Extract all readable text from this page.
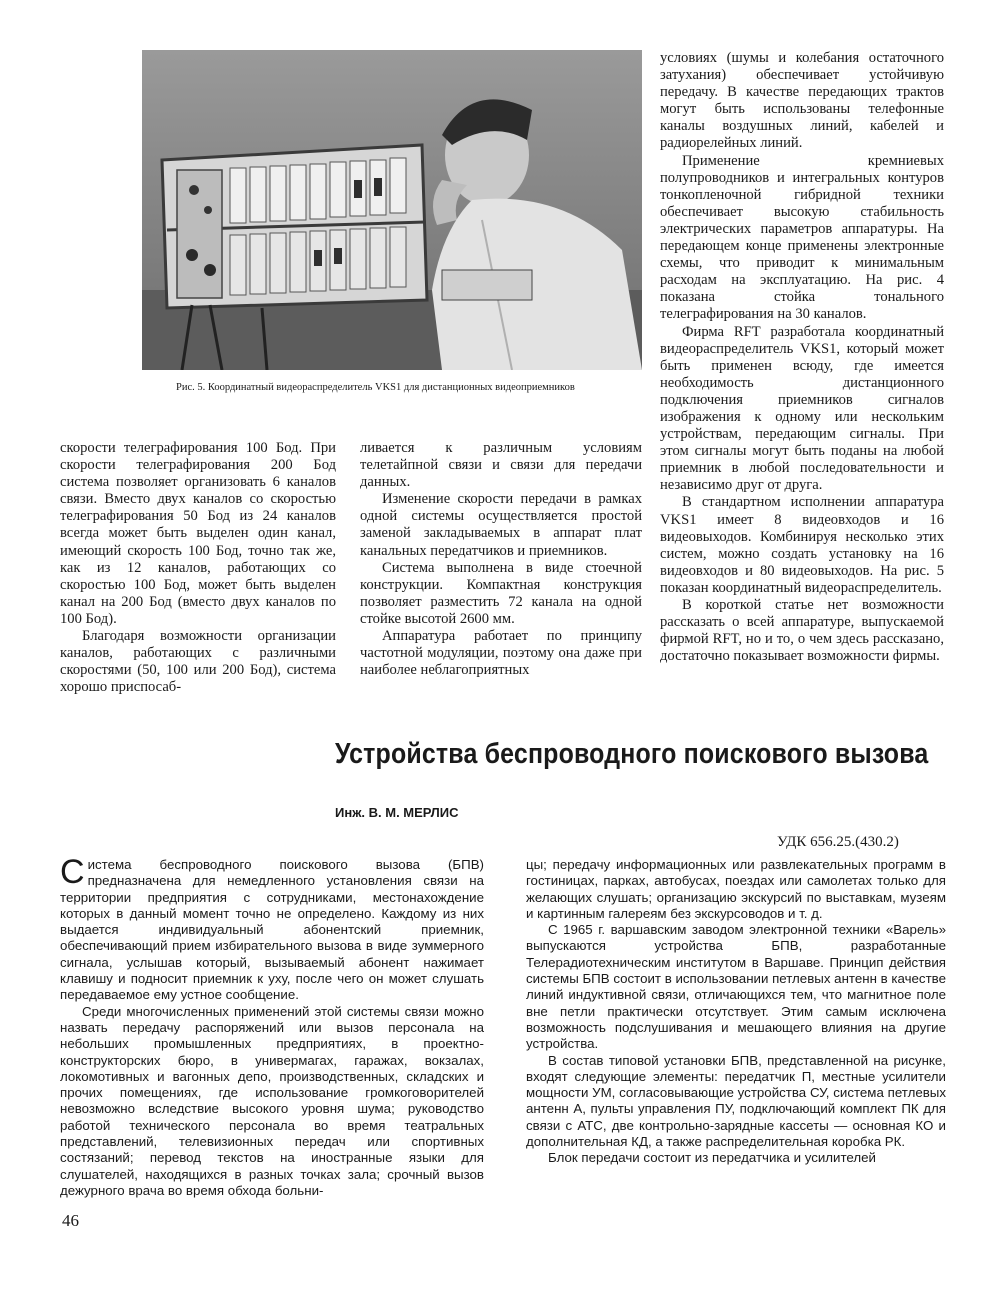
Рис. 5. Координатный видеораспределитель VKS1 для дистанционных видеоприемников

условиях (шумы и колебания остаточного затухания) обеспечивает устойчивую передачу. В качестве передающих трактов могут быть использованы телефонные каналы воздушных линий, кабелей и радиорелейных линий.

Применение кремниевых полупроводников и интегральных контуров тонкопленочной гибридной техники обеспечивает высокую стабильность электрических параметров аппаратуры. На передающем конце применены электронные схемы, что приводит к минимальным расходам на эксплуатацию. На рис. 4 показана стойка тонального телеграфирования на 30 каналов.

Фирма RFT разработала координатный видеораспределитель VKS1, который может быть применен всюду, где имеется необходимость дистанционного подключения приемников сигналов изображения к одному или нескольким устройствам, передающим сигналы. При этом сигналы могут быть поданы на любой приемник в любой последовательности и независимо друг от друга.

В стандартном исполнении аппаратура VKS1 имеет 8 видеовходов и 16 видеовыходов. Комбинируя несколько этих систем, можно создать установку на 16 видеовходов и 80 видеовыходов. На рис. 5 показан координатный видеораспределитель.

В короткой статье нет возможности рассказать о всей аппаратуре, выпускаемой фирмой RFT, но и то, о чем здесь рассказано, достаточно показывает возможности фирмы.

скорости телеграфирования 100 Бод. При скорости телеграфирования 200 Бод система позволяет организовать 6 каналов связи. Вместо двух каналов со скоростью телеграфирования 50 Бод из 24 каналов всегда может быть выделен один канал, имеющий скорость 100 Бод, точно так же, как из 12 каналов, работающих со скоростью 100 Бод, может быть выделен канал на 200 Бод (вместо двух каналов по 100 Бод).

Благодаря возможности организации каналов, работающих с различными скоростями (50, 100 или 200 Бод), система хорошо приспосаб-

ливается к различным условиям телетайпной связи и связи для передачи данных.

Изменение скорости передачи в рамках одной системы осуществляется простой заменой закладываемых в аппарат плат канальных передатчиков и приемников.

Система выполнена в виде стоечной конструкции. Компактная конструкция позволяет разместить 72 канала на одной стойке высотой 2600 мм.

Аппаратура работает по принципу частотной модуляции, поэтому она даже при наиболее неблагоприятных

Устройства беспроводного поискового вызова
Инж. В. М. МЕРЛИС
УДК 656.25.(430.2)

Система беспроводного поискового вызова (БПВ) предназначена для немедленного установления связи на территории предприятия с сотрудниками, местонахождение которых в данный момент точно не определено. Каждому из них выдается индивидуальный абонентский приемник, обеспечивающий прием избирательного вызова в виде зуммерного сигнала, услышав который, вызываемый абонент нажимает клавишу и подносит приемник к уху, после чего он может слушать передаваемое ему устное сообщение.

Среди многочисленных применений этой системы связи можно назвать передачу распоряжений или вызов персонала на небольших промышленных предприятиях, в проектно-конструкторских бюро, в универмагах, гаражах, вокзалах, локомотивных и вагонных депо, производственных, складских и прочих помещениях, где использование громкоговорителей невозможно вследствие высокого уровня шума; руководство работой технического персонала во время театральных представлений, телевизионных передач или спортивных состязаний; перевод текстов на иностранные языки для слушателей, находящихся в разных точках зала; срочный вызов дежурного врача во время обхода больни-

цы; передачу информационных или развлекательных программ в гостиницах, парках, автобусах, поездах или самолетах только для желающих слушать; организацию экскурсий по выставкам, музеям и картинным галереям без экскурсоводов и т. д.

С 1965 г. варшавским заводом электронной техники «Варель» выпускаются устройства БПВ, разработанные Телерадиотехническим институтом в Варшаве. Принцип действия системы БПВ состоит в использовании петлевых антенн в качестве линий индуктивной связи, отличающихся тем, что магнитное поле вне петли практически отсутствует. Этим самым исключена возможность подслушивания и мешающего влияния на другие устройства.

В состав типовой установки БПВ, представленной на рисунке, входят следующие элементы: передатчик П, местные усилители мощности УМ, согласовывающие устройства СУ, система петлевых антенн А, пульты управления ПУ, подключающий комплект ПК для связи с АТС, две контрольно-зарядные кассеты — основная КО и дополнительная КД, а также распределительная коробка РК.

Блок передачи состоит из передатчика и усилителей

46
